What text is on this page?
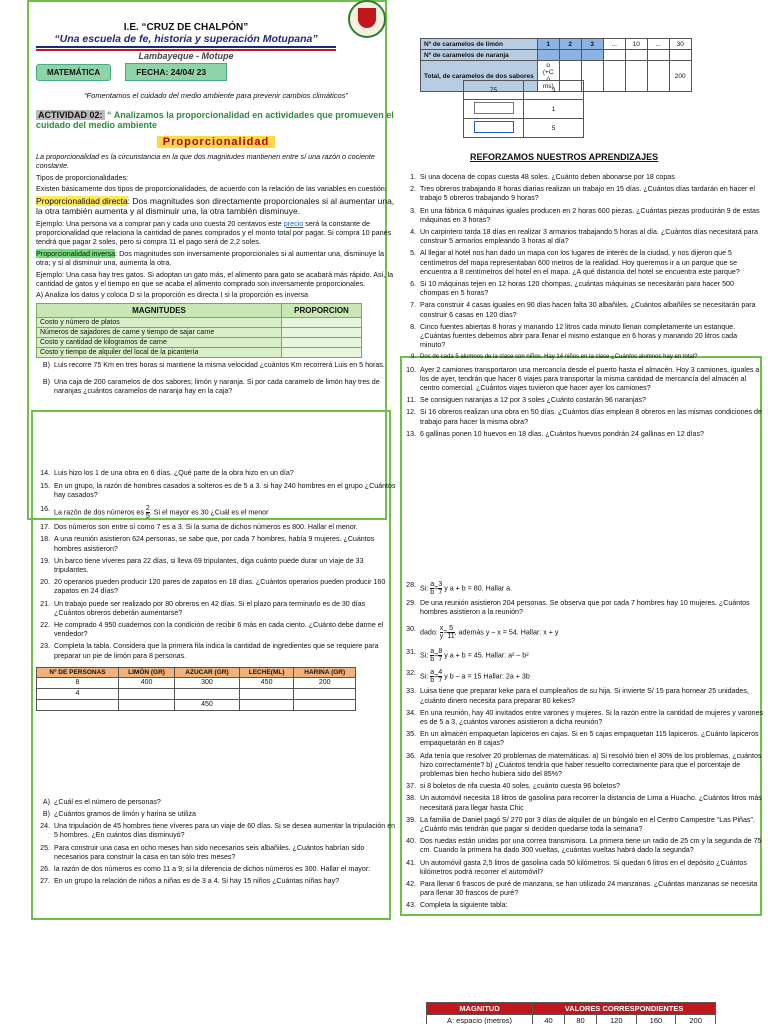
I.E. “CRUZ DE CHALPÓN”
“Una escuela de fe, historia y superación Motupana”
Lambayeque - Motupe
MATEMÁTICA	FECHA: 24/04/ 23
“Fomentamos el cuidado del medio ambiente para prevenir cambios climáticos”
ACTIVIDAD 02: “ Analizamos la proporcionalidad en actividades que promueven el cuidado del medio ambiente
Proporcionalidad
La proporcionalidad es la circunstancia en la que dos magnitudes mantienen entre sí una razón o cociente constante.
Tipos de proporcionalidades:
Existen básicamente dos tipos de proporcionalidades, de acuerdo con la relación de las variables en cuestión:
Proporcionalidad directa: Dos magnitudes son directamente proporcionales si al aumentar una, la otra también aumenta y al disminuir una, la otra también disminuye.
Ejemplo: Una persona va a comprar pan y cada uno cuesta 20 centavos este precio será la constante de proporcionalidad que relaciona la cantidad de panes comprados y el monto total por pagar. Si compra 10 panes tendrá que pagar 2 soles, pero si compra 11 el pago será de 2,2 soles.
Proporcionalidad inversa: Dos magnitudes son inversamente proporcionales si al aumentar una, disminuye la otra; y si al disminuir una, aumenta la otra.
Ejemplo: Una casa hay tres gatos. Si adoptan un gato más, el alimento para gato se acabará más rápido. Así, la cantidad de gatos y el tiempo en que se acaba el alimento comprado son inversamente proporcionales.
A) Analiza los datos y coloca D si la proporción es directa I si la proporción es inversa
MAGNITUDES	PROPORCION
Costo y número de platos	
Números de sajadores de carne y tiempo de sajar carne	
Costo y cantidad de kilogramos de carne	
Costo y tiempo de alquiler del local de la picantería	
B) Luis recorre 75 Km en tres horas si mantiene la misma velocidad ¿cuántos Km recorrerá Luis en 5 horas.
B) Una caja de 200 caramelos de dos sabores; limón y naranja. Si por cada caramelo de limón hay tres de naranjas ¿cuántos caramelos de naranja hay en la caja?
14. Luis hizo los 1 de una obra en 6 días. ¿Qué parte de la obra hizo en un día?
15. En un grupo, la razón de hombres casados a solteros es de 5 a 3. si hay 240 hombres en el grupo ¿Cuántos hay casados?
16. La razón de dos números es $\frac{2}{5}$ . Si el mayor es 30 ¿Cuál es el menor
17. Dos números son entre sí como 7 es a 3. Si la suma de dichos números es 800. Hallar el menor.
18. A una reunión asistieron 624 personas, se sabe que, por cada 7 hombres, había 9 mujeres. ¿Cuántos hombres asistieron?
19. Un barco tiene víveres para 22 días, si lleva 69 tripulantes, diga cuánto puede durar un viaje de 33 tripulantes.
20. 20 operarios pueden producir 120 pares de zapatos en 18 días. ¿Cuántos operarios pueden producir 160 zapatos en 24 días?
21. Un trabajo puede ser realizado por 80 obreros en 42 días. Si el plazo para terminarlo es de 30 días ¿Cuántos obreros deberán aumentarse?
22. He comprado 4 950 cuadernos con la condición de recibir 6 más en cada ciento. ¿Cuánto debe darme el vendedor?
23. Completa la tabla. Considera que la primera fila indica la cantidad de ingredientes que se requiere para preparar un pie de limón para 8 personas.
Nº DE PERSONAS	LIMÓN (GR)	AZUCAR (GR)	LECHE(ML)	HARINA (GR)
8	400	300	450	200
4				
		450		
A) ¿Cuál es el número de personas?
B) ¿Cuántos gramos de limón y harina se utiliza
24. Una tripulación de 45 hombres tiene víveres para un viaje de 60 días. Si se desea aumentar la tripulación en 5 hombres. ¿En cuántos días disminuyó?
25. Para construir una casa en ocho meses han sido necesarios seis albañiles. ¿Cuántos habrían sido necesarios para construir la casa en tan sólo tres meses?
26. la razón de dos números es como 11 a 9; si la diferencia de dichos números es 300. Hallar el mayor:
27. En un grupo la relación de niños a niñas es de 3 a 4. Si hay 15 niños ¿Cuántas niñas hay?
Nº de caramelos de limón	1	2	3	...	10	...	30
Nº de caramelos de naranja							
Total, de caramelos de dos sabores	o (+C ó ms)						200
75	3
	1
	5
REFORZAMOS NUESTROS APRENDIZAJES
1. Si una docena de copas cuesta 48 soles. ¿Cuánto deben abonarse por 18 copas
2. Tres obreros trabajando 8 horas diarias realizan un trabajo en 15 días. ¿Cuántos días tardarán en hacer el trabajo 5 obreros trabajando 9 horas?
3. En una fábrica 6 máquinas iguales producen en 2 horas 600 piezas. ¿Cuántas piezas producirán 9 de estas máquinas en 3 horas?
4. Un carpintero tarda 18 días en realizar 3 armarios trabajando 5 horas al día. ¿Cuántos días necesitará para construir 5 armarios empleando 3 horas al día?
5. Al llegar al hotel nos han dado un mapa con los lugares de interés de la ciudad, y nos dijeron que 5 centímetros del mapa representaban 600 metros de la realidad. Hoy queremos ir a un parque que se encuentra a 8 centímetros del hotel en el mapa. ¿A qué distancia del hotel se encuentra este parque?
6. Si 10 máquinas tejen en 12 horas 120 chompas, ¿cuántas máquinas se necesitarán para hacer 500 chompas en 5 horas?
7. Para construir 4 casas iguales en 90 días hacen falta 30 albañiles. ¿Cuántos albañiles se necesitarán para construir 6 casas en 120 días?
8. Cinco fuentes abiertas 8 horas y manando 12 litros cada minuto llenan completamente un estanque. ¿Cuántas fuentes debemos abrir para llenar el mismo estanque en 6 horas y manando 20 litros cada minuto?
9. Dos de cada 5 alumnos de la clase son niños. Hay 14 niños en la clase ¿Cuántos alumnos hay en total?
10. Ayer 2 camiones transportaron una mercancía desde el puerto hasta el almacén. Hoy 3 camiones, iguales a los de ayer, tendrán que hacer 6 viajes para transportar la misma cantidad de mercancía del almacén al centro comercial. ¿Cuántos viajes tuvieron que hacer ayer los camiones?
11. Se consiguen naranjas a 12 por 3 soles ¿Cuánto costarán 96 naranjas?
12. Si 16 obreros realizan una obra en 50 días. ¿Cuántos días emplean 8 obreros en las mismas condiciones de trabajo para hacer la misma obra?
13. 6 gallinas ponen 10 huevos en 18 días. ¿Cuántos huevos pondrán 24 gallinas en 12 días?
28. Si: $\frac{a}{b} = \frac{3}{7}$ y a + b = 80. Hallar a.
29. De una reunión asistieron 204 personas. Se observa que por cada 7 hombres hay 10 mujeres. ¿Cuántos hombres asistieron a la reunión?
30. dado: $\frac{x}{y} = \frac{5}{11}$ , además y – x = 54. Hallar: x + y
31. Si: $\frac{a}{b} = \frac{8}{7}$ y a + b = 45. Hallar: a² – b²
32. Si: $\frac{a}{b} = \frac{4}{7}$ y b – a = 15 Hallar: 2a + 3b
33. Luisa tiene que preparar keke para el cumpleaños de su hija. Si invierte S/ 15 para hornear 25 unidades, ¿cuánto dinero necesita para preparar 80 kekes?
34. En una reunión, hay 40 invitados entre varones y mujeres. Si la razón entre la cantidad de mujeres y varones es de 5 a 3, ¿cuántos varones asistieron a dicha reunión?
35. En un almacén empaquetan lapiceros en cajas. Si en 5 cajas empaquetan 115 lapiceros. ¿Cuánto lapiceros empaquetarán en 8 cajas?
36. Ada tenía que resolver 20 problemas de matemáticas. a) Si resolvió bien el 30% de los problemas, ¿cuántos hizo correctamente? b) ¿Cuántos tendría que haber resuelto correctamente para que el porcentaje de problemas bien hecho hubiera sido del 85%?
37. si 8 boletos de rifa cuesta 40 soles, ¿cuánto cuesta 96 boletos?
38. Un automóvil necesita 18 litros de gasolina para recorrer la distancia de Lima a Huacho. ¿Cuántos litros más necesitará para llegar hasta Chic
39. La familia de Daniel pagó S/ 270 por 3 días de alquiler de un búngalo en el Centro Campestre “Las Piñas”. ¿Cuánto más tendrán que pagar si deciden quedarse toda la semana?
40. Dos ruedas están unidas por una correa transmisora. La primera tiene un radio de 25 cm y la segunda de 75 cm. Cuando la primera ha dado 300 vueltas, ¿cuántas vueltas habrá dado la segunda?
41. Un automóvil gasta 2,5 litros de gasolina cada 50 kilómetros. Si quedan 6 litros en el depósito ¿Cuántos kilómetros podrá recorrer el automóvil?
42. Para llenar 6 frascos de puré de manzana, se han utilizado 24 manzanas. ¿Cuántas manzanas se necesita para llenar 30 frascos de puré?
43. Completa la siguiente tabla:
MAGNITUD	VALORES CORRESPONDIENTES				
A: espacio (metros)	40	80	120	160	200
